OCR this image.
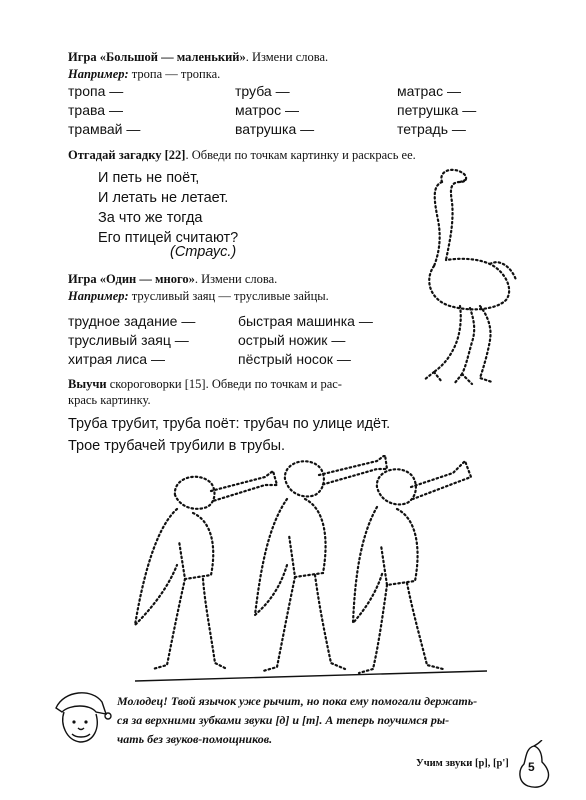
Игра «Большой — маленький». Измени слова.
Например: тропа — тропка.
тропа —	труба —	матрас —
трава —	матрос —	петрушка —
трамвай —	ватрушка —	тетрадь —
Отгадай загадку [22]. Обведи по точкам картинку и раскрась ее.
И петь не поёт,
И летать не летает.
За что же тогда
Его птицей считают?
(Страус.)
Игра «Один — много». Измени слова.
Например: трусливый заяц — трусливые зайцы.
трудное задание —	быстрая машинка —
трусливый заяц —	острый ножик —
хитрая лиса —	пёстрый носок —
Выучи скороговорки [15]. Обведи по точкам и рас-
крась картинку.
Труба трубит, труба поёт: трубач по улице идёт.
Трое трубачей трубили в трубы.
Молодец! Твой язычок уже рычит, но пока ему помогали держать-
ся за верхними зубками звуки [д] и [т]. А теперь поучимся ры-
чать без звуков-помощников.
Учим звуки [р], [р'] 5
